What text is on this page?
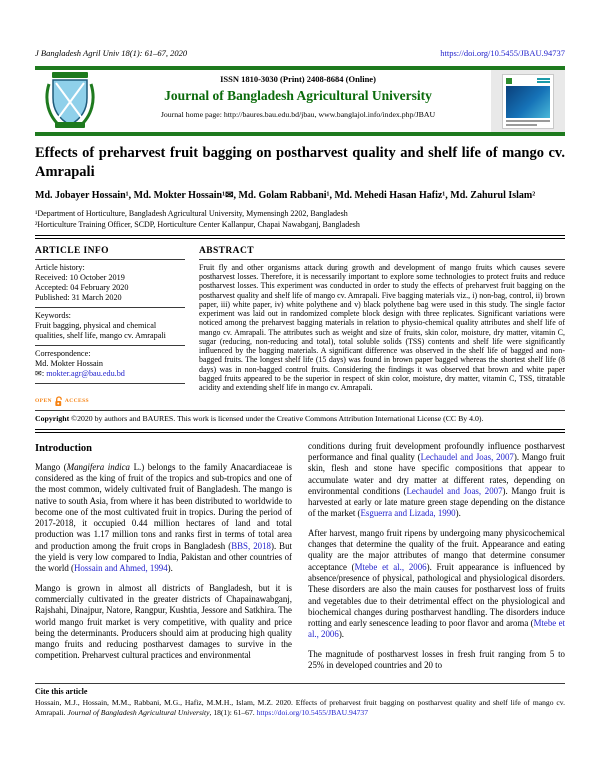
J Bangladesh Agril Univ 18(1): 61–67, 2020	https://doi.org/10.5455/JBAU.94737
ISSN 1810-3030 (Print) 2408-8684 (Online)
Journal of Bangladesh Agricultural University
Journal home page: http://baures.bau.edu.bd/jbau, www.banglajol.info/index.php/JBAU
Effects of preharvest fruit bagging on postharvest quality and shelf life of mango cv. Amrapali
Md. Jobayer Hossain¹, Md. Mokter Hossain¹✉, Md. Golam Rabbani¹, Md. Mehedi Hasan Hafiz¹, Md. Zahurul Islam²
¹Department of Horticulture, Bangladesh Agricultural University, Mymensingh 2202, Bangladesh
²Horticulture Training Officer, SCDP, Horticulture Center Kallanpur, Chapai Nawabganj, Bangladesh
ARTICLE INFO
Article history:
Received: 10 October 2019
Accepted: 04 February 2020
Published: 31 March 2020
Keywords:
Fruit bagging, physical and chemical qualities, shelf life, mango cv. Amrapali
Correspondence:
Md. Mokter Hossain
✉: mokter.agr@bau.edu.bd
OPEN ACCESS
ABSTRACT

Fruit fly and other organisms attack during growth and development of mango fruits which causes severe postharvest losses. Therefore, it is necessarily important to explore some technologies to protect fruits and reduce postharvest losses. This experiment was conducted in order to study the effects of preharvest fruit bagging on the postharvest quality and shelf life of mango cv. Amrapali. Five bagging materials viz., i) non-bag, control, ii) brown paper, iii) white paper, iv) white polythene and v) black polythene bag were used in this study. The single factor experiment was laid out in randomized complete block design with three replicates. Significant variations were noticed among the preharvest bagging materials in relation to physio-chemical quality attributes and shelf life of mango cv. Amrapali. The attributes such as weight and size of fruits, skin color, moisture, dry matter, vitamin C, sugar (reducing, non-reducing and total), total soluble solids (TSS) contents and shelf life were significantly influenced by the bagging materials. A significant difference was observed in the shelf life of bagged and non-bagged fruits. The longest shelf life (15 days) was found in brown paper bagged whereas the shortest shelf life (8 days) was in non-bagged control fruits. Considering the findings it was observed that brown and white paper bagged fruits appeared to be the superior in respect of skin color, moisture, dry matter, vitamin C, TSS, titratable acidity and extending shelf life in mango cv. Amrapali.

Copyright ©2020 by authors and BAURES. This work is licensed under the Creative Commons Attribution International License (CC By 4.0).

Introduction

Mango (Mangifera indica L.) belongs to the family Anacardiaceae is considered as the king of fruit of the tropics and sub-tropics and one of the most common, widely cultivated fruit of Bangladesh. The mango is native to south Asia, from where it has been distributed to worldwide to become one of the most cultivated fruit in tropics. During the period of 2017-2018, it occupied 0.44 million hectares of land and total production was 1.17 million tons and ranks first in terms of total area and production among the fruit crops in Bangladesh (BBS, 2018). But the yield is very low compared to India, Pakistan and other countries of the world (Hossain and Ahmed, 1994).

Mango is grown in almost all districts of Bangladesh, but it is commercially cultivated in the greater districts of Chapainawabganj, Rajshahi, Dinajpur, Natore, Rangpur, Kushtia, Jessore and Satkhira. The world mango fruit market is very competitive, with quality and price being the determinants. Producers should aim at producing high quality mango fruits and reducing postharvest damages to survive in the competition. Preharvest cultural practices and environmental

conditions during fruit development profoundly influence postharvest performance and final quality (Lechaudel and Joas, 2007). Mango fruit skin, flesh and stone have specific compositions that appear to accumulate water and dry matter at different rates, depending on environmental conditions (Lechaudel and Joas, 2007). Mango fruit is harvested at early or late mature green stage depending on the distance of the market (Esguerra and Lizada, 1990).

After harvest, mango fruit ripens by undergoing many physicochemical changes that determine the quality of the fruit. Appearance and eating quality are the major attributes of mango that determine consumer acceptance (Mtebe et al., 2006). Fruit appearance is influenced by absence/presence of physical, pathological and physiological disorders. These disorders are also the main causes for postharvest loss of fruits and vegetables due to their detrimental effect on the physiological and biochemical changes during postharvest handling. The disorders induce rotting and early senescence leading to poor flavor and aroma (Mtebe et al., 2006).

The magnitude of postharvest losses in fresh fruit ranging from 5 to 25% in developed countries and 20 to

Cite this article

Hossain, M.J., Hossain, M.M., Rabbani, M.G., Hafiz, M.M.H., Islam, M.Z. 2020. Effects of preharvest fruit bagging on postharvest quality and shelf life of mango cv. Amrapali. Journal of Bangladesh Agricultural University, 18(1): 61–67. https://doi.org/10.5455/JBAU.94737
